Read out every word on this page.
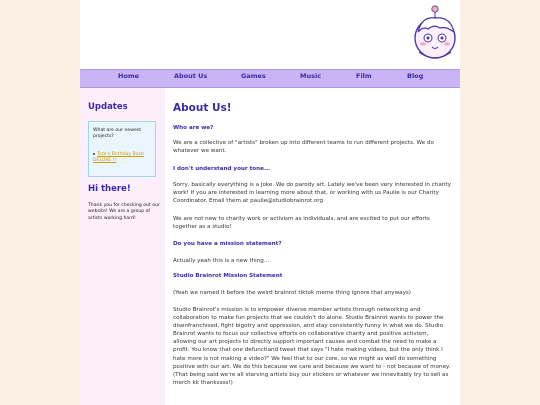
Home	About Us	Games	Music	Film	Blog
Updates
Thank you for checking out our website! We are a group of artists working hard!
Hi there!
What are our newest projects?
Tate's Birthday Bash DELUXE !!
About Us!
Who are we?
We are a collective of "artists" broken up into different teams to run different projects. We do whatever we want.
I don't understand your tone...
Sorry, basically everything is a joke. We do parody art. Lately we've been very interested in charity work! If you are interested in learning more about that, or working with us Paulie is our Charity Coordinator. Email them at paulie@studiobrainrot.org
We are not new to charity work or activism as individuals, and are excited to put our efforts together as a studio!
Do you have a mission statement?
Actually yeah this is a new thing...
Studio Brainrot Mission Statement
(Yeah we named it before the weird brainrot tiktok meme thing ignore that anyways)
Studio Brainrot's mission is to empower diverse member artists through networking and collaboration to make fun projects that we couldn't do alone. Studio Brainrot wants to power the disenfranchised, fight bigotry and oppression, and stay consistently funny in what we do. Studio Brainrot wants to focus our collective efforts on collaborative charity and positive activism, allowing our art projects to directly support important causes and combat the need to make a profit. You know that one defunctland tweet that says "I hate making videos, but the only think I hate more is not making a video?" We feel that to our core, so we might as well do something positive with our art. We do this because we care and because we want to - not because of money. (That being said we're all starving artists buy our stickers or whatever we innevitably try to sell as merch kk thankssss!)
